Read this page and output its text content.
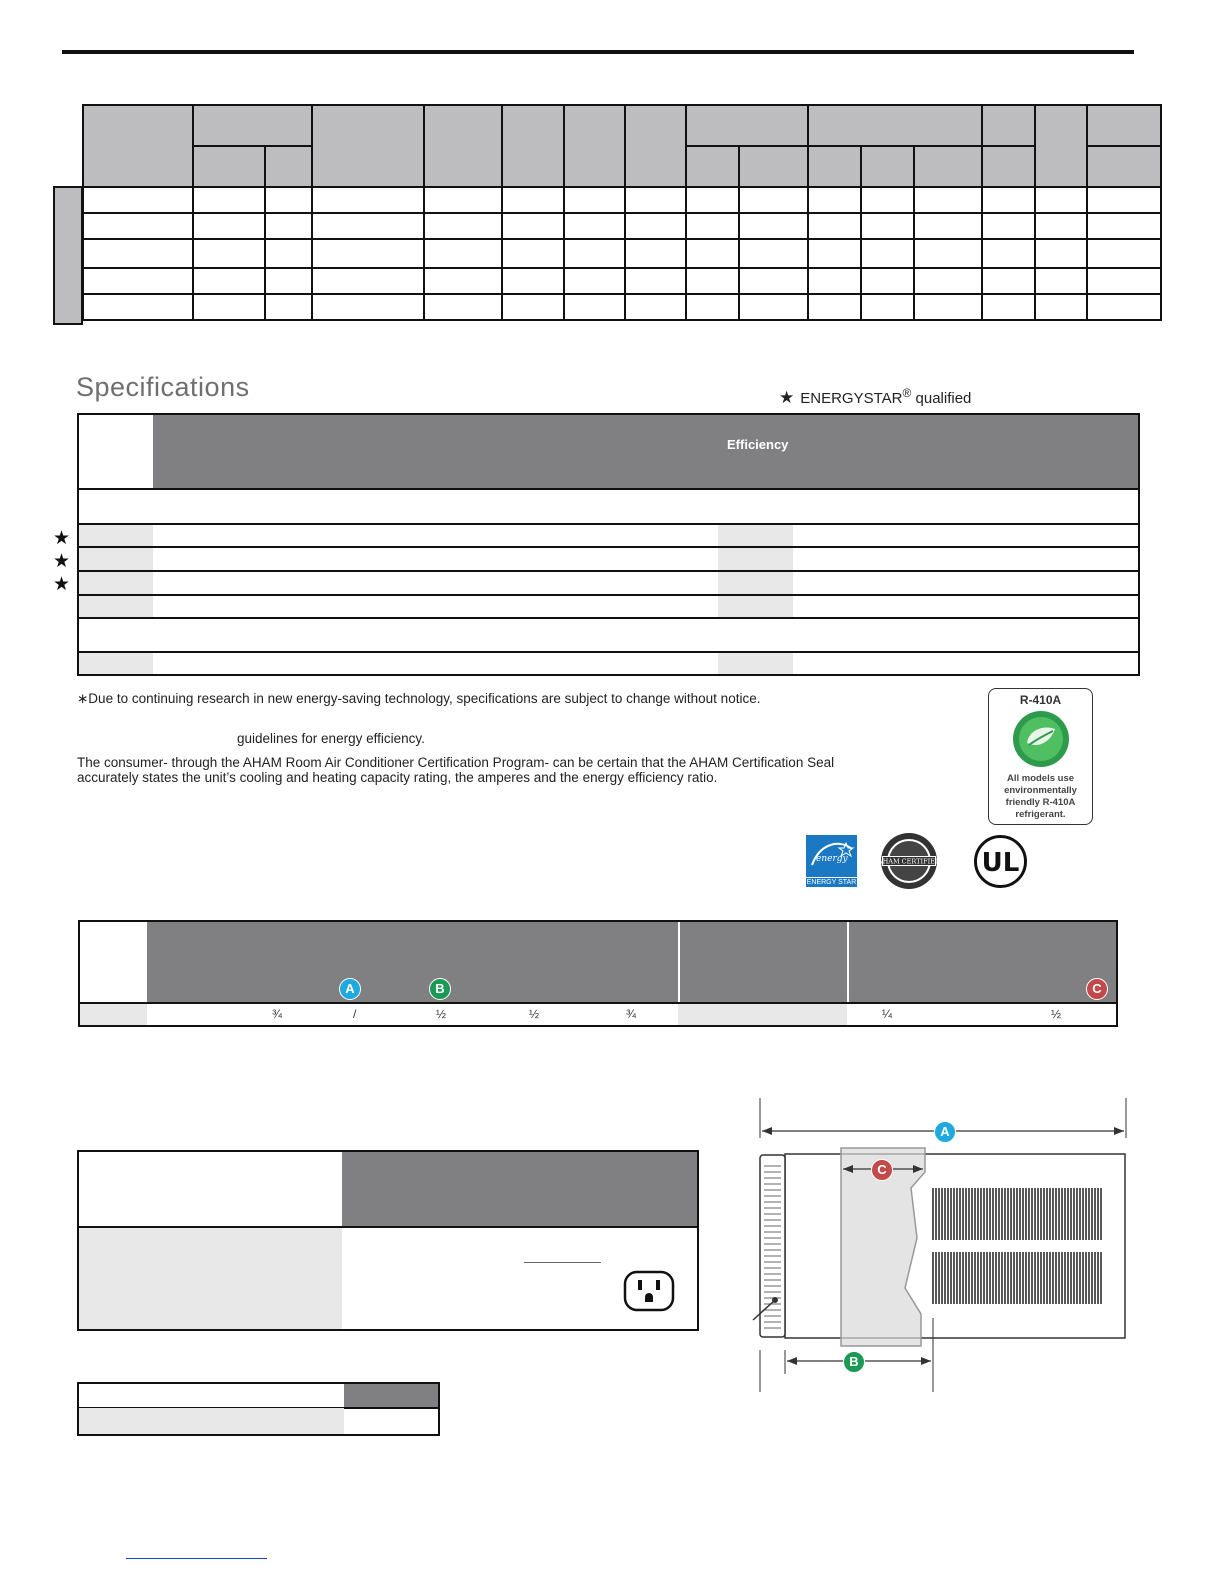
Specifications	★ ENERGYSTAR® qualified
Efficiency
★
★
★
∗Due to continuing research in new energy-saving technology, specifications are subject to change without notice.
guidelines for energy efficiency.
The consumer- through the AHAM Room Air Conditioner Certification Program- can be certain that the AHAM Certification Seal
accurately states the unit’s cooling and heating capacity rating, the amperes and the energy efficiency ratio.
R-410A
All models use
environmentally
friendly R-410A
refrigerant.
energy
ENERGY STAR
AHAM CERTIFIED UL
A	B	C
¾	/	½	½	¾	¼	½
A
C
B
